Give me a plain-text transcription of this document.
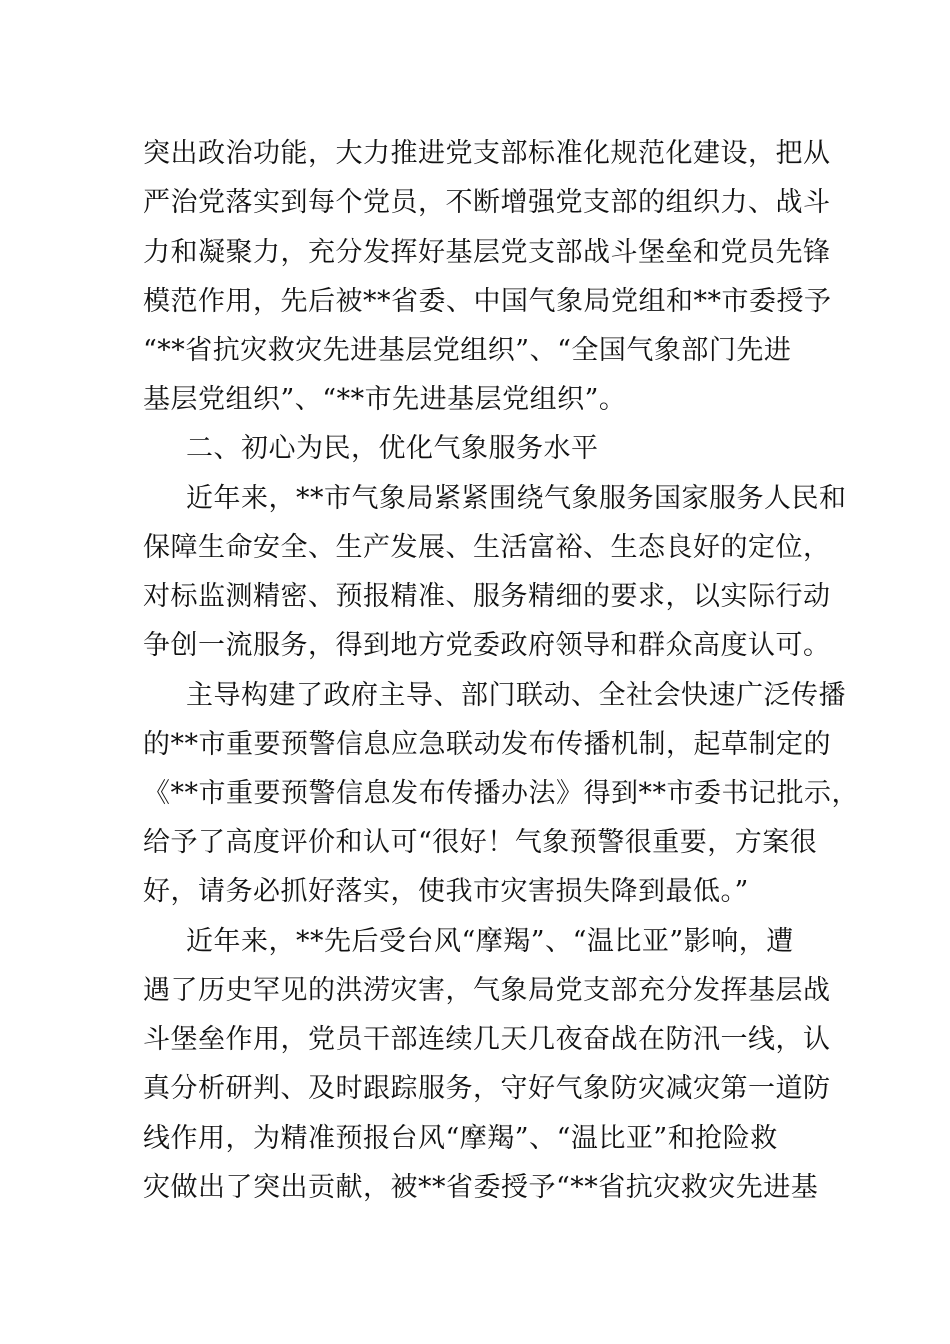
突出政治功能，大力推进党支部标准化规范化建设，把从
严治党落实到每个党员，不断增强党支部的组织力、战斗
力和凝聚力，充分发挥好基层党支部战斗堡垒和党员先锋
模范作用，先后被**省委、中国气象局党组和**市委授予
“**省抗灾救灾先进基层党组织”、“全国气象部门先进
基层党组织”、“**市先进基层党组织”。
二、初心为民，优化气象服务水平
近年来，**市气象局紧紧围绕气象服务国家服务人民和
保障生命安全、生产发展、生活富裕、生态良好的定位，
对标监测精密、预报精准、服务精细的要求，以实际行动
争创一流服务，得到地方党委政府领导和群众高度认可。
主导构建了政府主导、部门联动、全社会快速广泛传播
的**市重要预警信息应急联动发布传播机制，起草制定的
《**市重要预警信息发布传播办法》得到**市委书记批示，
给予了高度评价和认可“很好！气象预警很重要，方案很
好，请务必抓好落实，使我市灾害损失降到最低。”
近年来，**先后受台风“摩羯”、“温比亚”影响，遭
遇了历史罕见的洪涝灾害，气象局党支部充分发挥基层战
斗堡垒作用，党员干部连续几天几夜奋战在防汛一线，认
真分析研判、及时跟踪服务，守好气象防灾减灾第一道防
线作用，为精准预报台风“摩羯”、“温比亚”和抢险救
灾做出了突出贡献，被**省委授予“**省抗灾救灾先进基
